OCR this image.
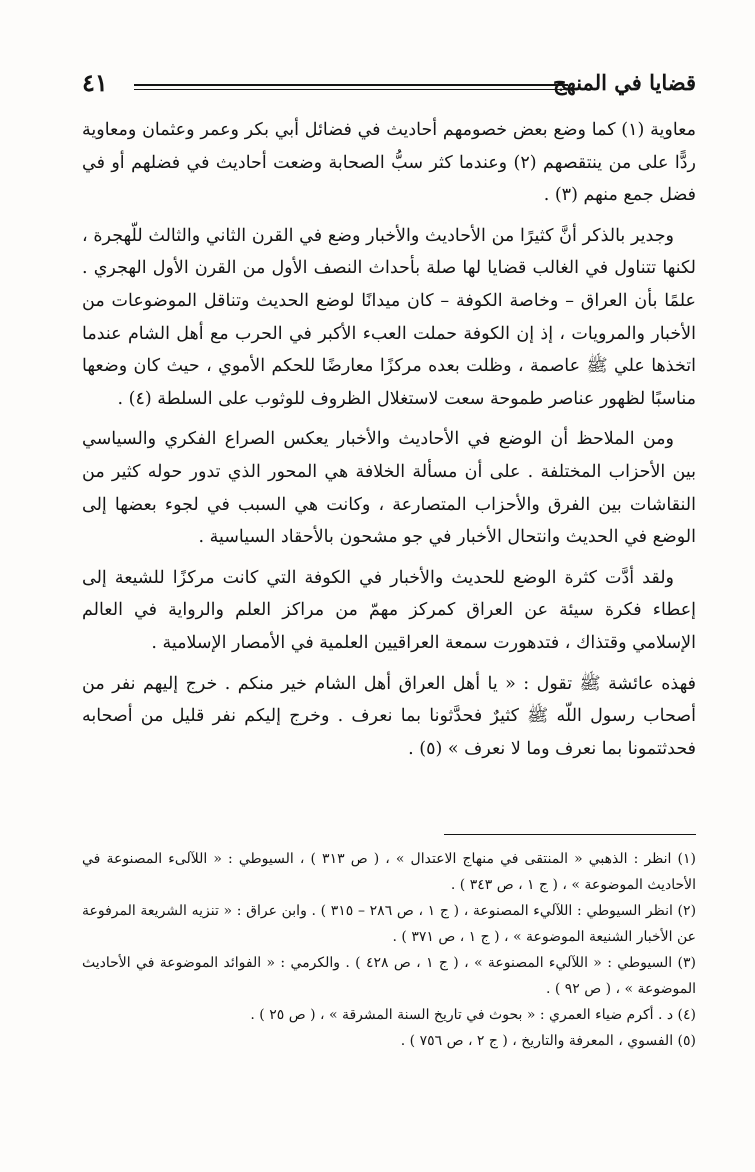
قضايا في المنهج
٤١

معاوية (١) كما وضع بعض خصومهم أحاديث في فضائل أبي بكر وعمر وعثمان ومعاوية ردًّا على من ينتقصهم (٢) وعندما كثر سبُّ الصحابة وضعت أحاديث في فضلهم أو في فضل جمع منهم (٣) .

وجدير بالذكر أنَّ كثيرًا من الأحاديث والأخبار وضع في القرن الثاني والثالث للّهجرة ، لكنها تتناول في الغالب قضايا لها صلة بأحداث النصف الأول من القرن الأول الهجري . علمًا بأن العراق – وخاصة الكوفة – كان ميدانًا لوضع الحديث وتناقل الموضوعات من الأخبار والمرويات ، إذ إن الكوفة حملت العبء الأكبر في الحرب مع أهل الشام عندما اتخذها علي ﷺ عاصمة ، وظلت بعده مركزًا معارضًا للحكم الأموي ، حيث كان وضعها مناسبًا لظهور عناصر طموحة سعت لاستغلال الظروف للوثوب على السلطة (٤) .

ومن الملاحظ أن الوضع في الأحاديث والأخبار يعكس الصراع الفكري والسياسي بين الأحزاب المختلفة . على أن مسألة الخلافة هي المحور الذي تدور حوله كثير من النقاشات بين الفرق والأحزاب المتصارعة ، وكانت هي السبب في لجوء بعضها إلى الوضع في الحديث وانتحال الأخبار في جو مشحون بالأحقاد السياسية .

ولقد أدَّت كثرة الوضع للحديث والأخبار في الكوفة التي كانت مركزًا للشيعة إلى إعطاء فكرة سيئة عن العراق كمركز مهمّ من مراكز العلم والرواية في العالم الإسلامي وقتذاك ، فتدهورت سمعة العراقيين العلمية في الأمصار الإسلامية .

فهذه عائشة ﷺ تقول : « يا أهل العراق أهل الشام خير منكم . خرج إليهم نفر من أصحاب رسول اللّه ﷺ كثيرٌ فحدَّثونا بما نعرف . وخرج إليكم نفر قليل من أصحابه فحدثتمونا بما نعرف وما لا نعرف » (٥) .

(١) انظر : الذهبي « المنتقى في منهاج الاعتدال » ، ( ص ٣١٣ ) ، السيوطي : « اللآلىء المصنوعة في الأحاديث الموضوعة » ، ( ج ١ ، ص ٣٤٣ ) .

(٢) انظر السيوطي : اللآليء المصنوعة ، ( ج ١ ، ص ٢٨٦ – ٣١٥ ) . وابن عراق : « تنزيه الشريعة المرفوعة عن الأخبار الشنيعة الموضوعة » ، ( ج ١ ، ص ٣٧١ ) .

(٣) السيوطي : « اللآليء المصنوعة » ، ( ج ١ ، ص ٤٢٨ ) . والكرمي : « الفوائد الموضوعة في الأحاديث الموضوعة » ، ( ص ٩٢ ) .

(٤) د . أكرم ضياء العمري : « بحوث في تاريخ السنة المشرقة » ، ( ص ٢٥ ) .

(٥) الفسوي ، المعرفة والتاريخ ، ( ج ٢ ، ص ٧٥٦ ) .
